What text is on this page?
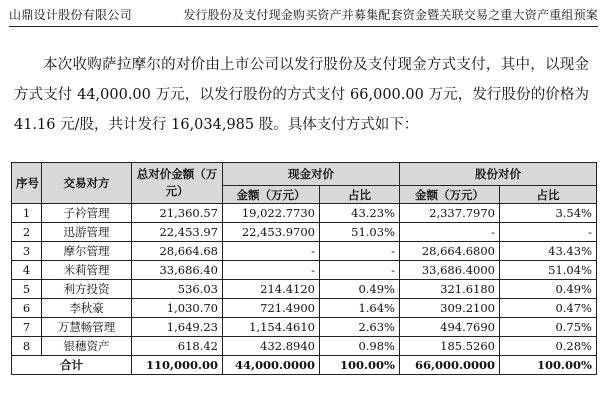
山鼎设计股份有限公司	发行股份及支付现金购买资产并募集配套资金暨关联交易之重大资产重组预案

本次收购萨拉摩尔的对价由上市公司以发行股份及支付现金方式支付，其中，以现金方式支付 44,000.00 万元，以发行股份的方式支付 66,000.00 万元，发行股份的价格为 41.16 元/股，共计发行 16,034,985 股。具体支付方式如下：

序号	交易对方	总对价金额（万元）	现金对价		股份对价	
			金额（万元）	占比	金额（万元）	占比
1	子衿管理	21,360.57	19,022.7730	43.23%	2,337.7970	3.54%
2	迅游管理	22,453.97	22,453.9700	51.03%	-	-
3	摩尔管理	28,664.68	-	-	28,664.6800	43.43%
4	米莉管理	33,686.40	-	-	33,686.4000	51.04%
5	利方投资	536.03	214.4120	0.49%	321.6180	0.49%
6	李秋豪	1,030.70	721.4900	1.64%	309.2100	0.47%
7	万慧畅管理	1,649.23	1,154.4610	2.63%	494.7690	0.75%
8	银穗资产	618.42	432.8940	0.98%	185.5260	0.28%
合计		110,000.00	44,000.0000	100.00%	66,000.0000	100.00%
